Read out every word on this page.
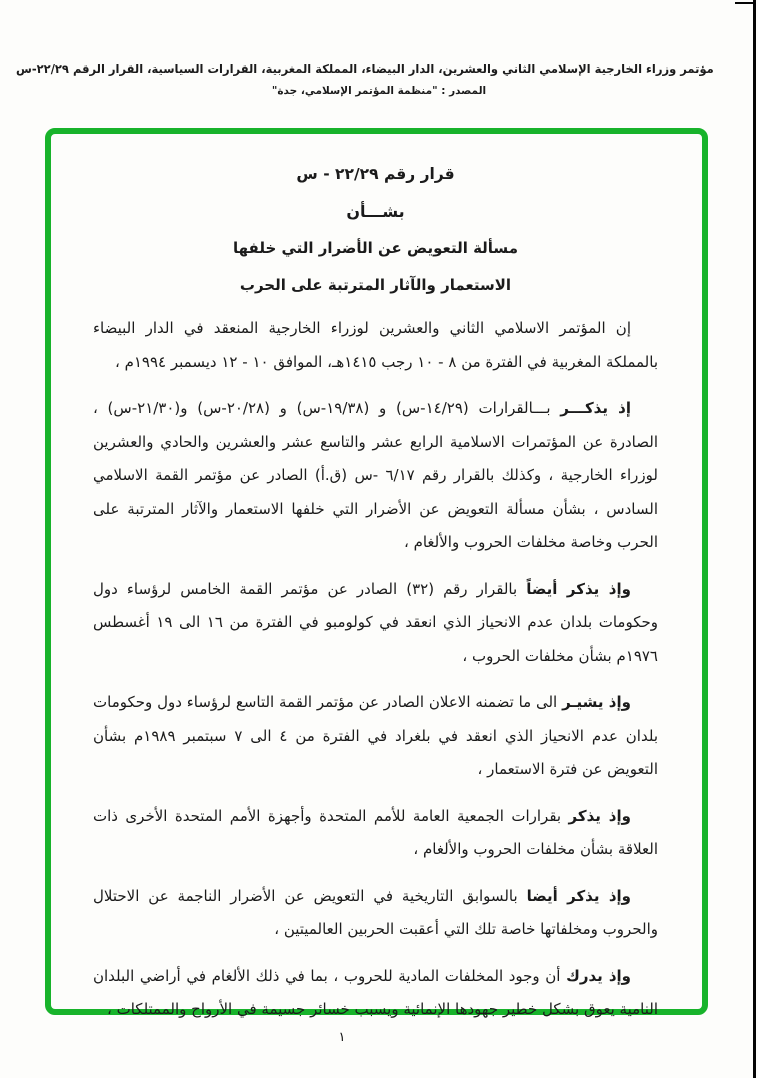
مؤتمر وزراء الخارجية الإسلامي الثاني والعشرين، الدار البيضاء، المملكة المغربية، القرارات السياسية، القرار الرقم ٢٢/٢٩-س
المصدر : "منظمة المؤتمر الإسلامي، جدة"
قرار رقم ٢٢/٢٩ - س
بشـــأن
مسألة التعويض عن الأضرار التي خلفها
الاستعمار والآثار المترتبة على الحرب

إن المؤتمر الاسلامي الثاني والعشرين لوزراء الخارجية المنعقد في الدار البيضاء بالمملكة المغربية في الفترة من ٨ - ١٠ رجب ١٤١٥هـ، الموافق ١٠ - ١٢ ديسمبر ١٩٩٤م ،

إذ يذكـــر بـــالقرارات (١٤/٢٩-س) و (١٩/٣٨-س) و (٢٠/٢٨-س) و(٢١/٣٠-س) ، الصادرة عن المؤتمرات الاسلامية الرابع عشر والتاسع عشر والعشرين والحادي والعشرين لوزراء الخارجية ، وكذلك بالقرار رقم ٦/١٧ -س (ق.أ) الصادر عن مؤتمر القمة الاسلامي السادس ، بشأن مسألة التعويض عن الأضرار التي خلفها الاستعمار والآثار المترتبة على الحرب وخاصة مخلفات الحروب والألغام ،

وإذ يذكر أيضاً بالقرار رقم (٣٢) الصادر عن مؤتمر القمة الخامس لرؤساء دول وحكومات بلدان عدم الانحياز الذي انعقد في كولومبو في الفترة من ١٦ الى ١٩ أغسطس ١٩٧٦م بشأن مخلفات الحروب ،

وإذ يشيـر الى ما تضمنه الاعلان الصادر عن مؤتمر القمة التاسع لرؤساء دول وحكومات بلدان عدم الانحياز الذي انعقد في بلغراد في الفترة من ٤ الى ٧ سبتمبر ١٩٨٩م بشأن التعويض عن فترة الاستعمار ،

وإذ يذكر بقرارات الجمعية العامة للأمم المتحدة وأجهزة الأمم المتحدة الأخرى ذات العلاقة بشأن مخلفات الحروب والألغام ،

وإذ يذكر أيضا بالسوابق التاريخية في التعويض عن الأضرار الناجمة عن الاحتلال والحروب ومخلفاتها خاصة تلك التي أعقبت الحربين العالميتين ،

وإذ يدرك أن وجود المخلفات المادية للحروب ، بما في ذلك الألغام في أراضي البلدان النامية يعوق بشكل خطير جهودها الإنمائية ويسبب خسائر جسيمة في الأرواح والممتلكات ،

١
